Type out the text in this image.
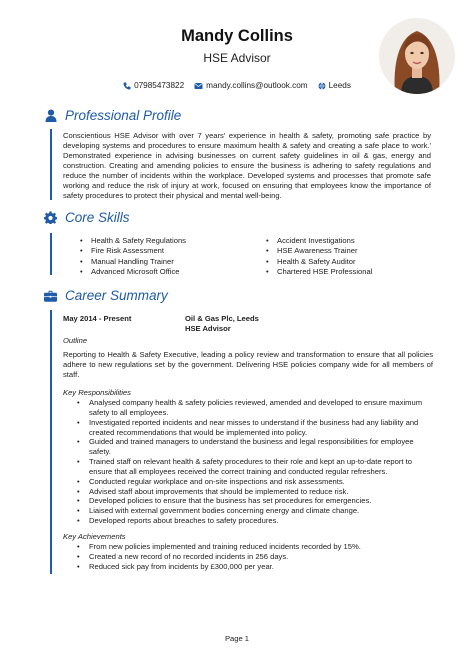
Mandy Collins
HSE Advisor
07985473822	mandy.collins@outlook.com	Leeds
Professional Profile
Conscientious HSE Advisor with over 7 years' experience in health & safety, promoting safe practice by developing systems and procedures to ensure maximum health & safety and creating a safe place to work.' Demonstrated experience in advising businesses on current safety guidelines in oil & gas, energy and construction. Creating and amending policies to ensure the business is adhering to safety regulations and reduce the number of incidents within the workplace. Developed systems and processes that promote safe working and reduce the risk of injury at work, focused on ensuring that employees know the importance of safety procedures to protect their physical and mental well-being.
Core Skills
• Health & Safety Regulations	• Accident Investigations
• Fire Risk Assessment	• HSE Awareness Trainer
• Manual Handling Trainer	• Health & Safety Auditor
• Advanced Microsoft Office	• Chartered HSE Professional
Career Summary
May 2014 - Present	Oil & Gas Plc, Leeds
HSE Advisor
Outline
Reporting to Health & Safety Executive, leading a policy review and transformation to ensure that all policies adhere to new regulations set by the government. Delivering HSE policies company wide for all members of staff.
Key Responsibilities
• Analysed company health & safety policies reviewed, amended and developed to ensure maximum safety to all employees.
• Investigated reported incidents and near misses to understand if the business had any liability and created recommendations that would be implemented into policy.
• Guided and trained managers to understand the business and legal responsibilities for employee safety.
• Trained staff on relevant health & safety procedures to their role and kept an up-to-date report to ensure that all employees received the correct training and conducted regular refreshers.
• Conducted regular workplace and on-site inspections and risk assessments.
• Advised staff about improvements that should be implemented to reduce risk.
• Developed policies to ensure that the business has set procedures for emergencies.
• Liaised with external government bodies concerning energy and climate change.
• Developed reports about breaches to safety procedures.
Key Achievements
• From new policies implemented and training reduced incidents recorded by 15%.
• Created a new record of no recorded incidents in 256 days.
• Reduced sick pay from incidents by £300,000 per year.
Page 1
